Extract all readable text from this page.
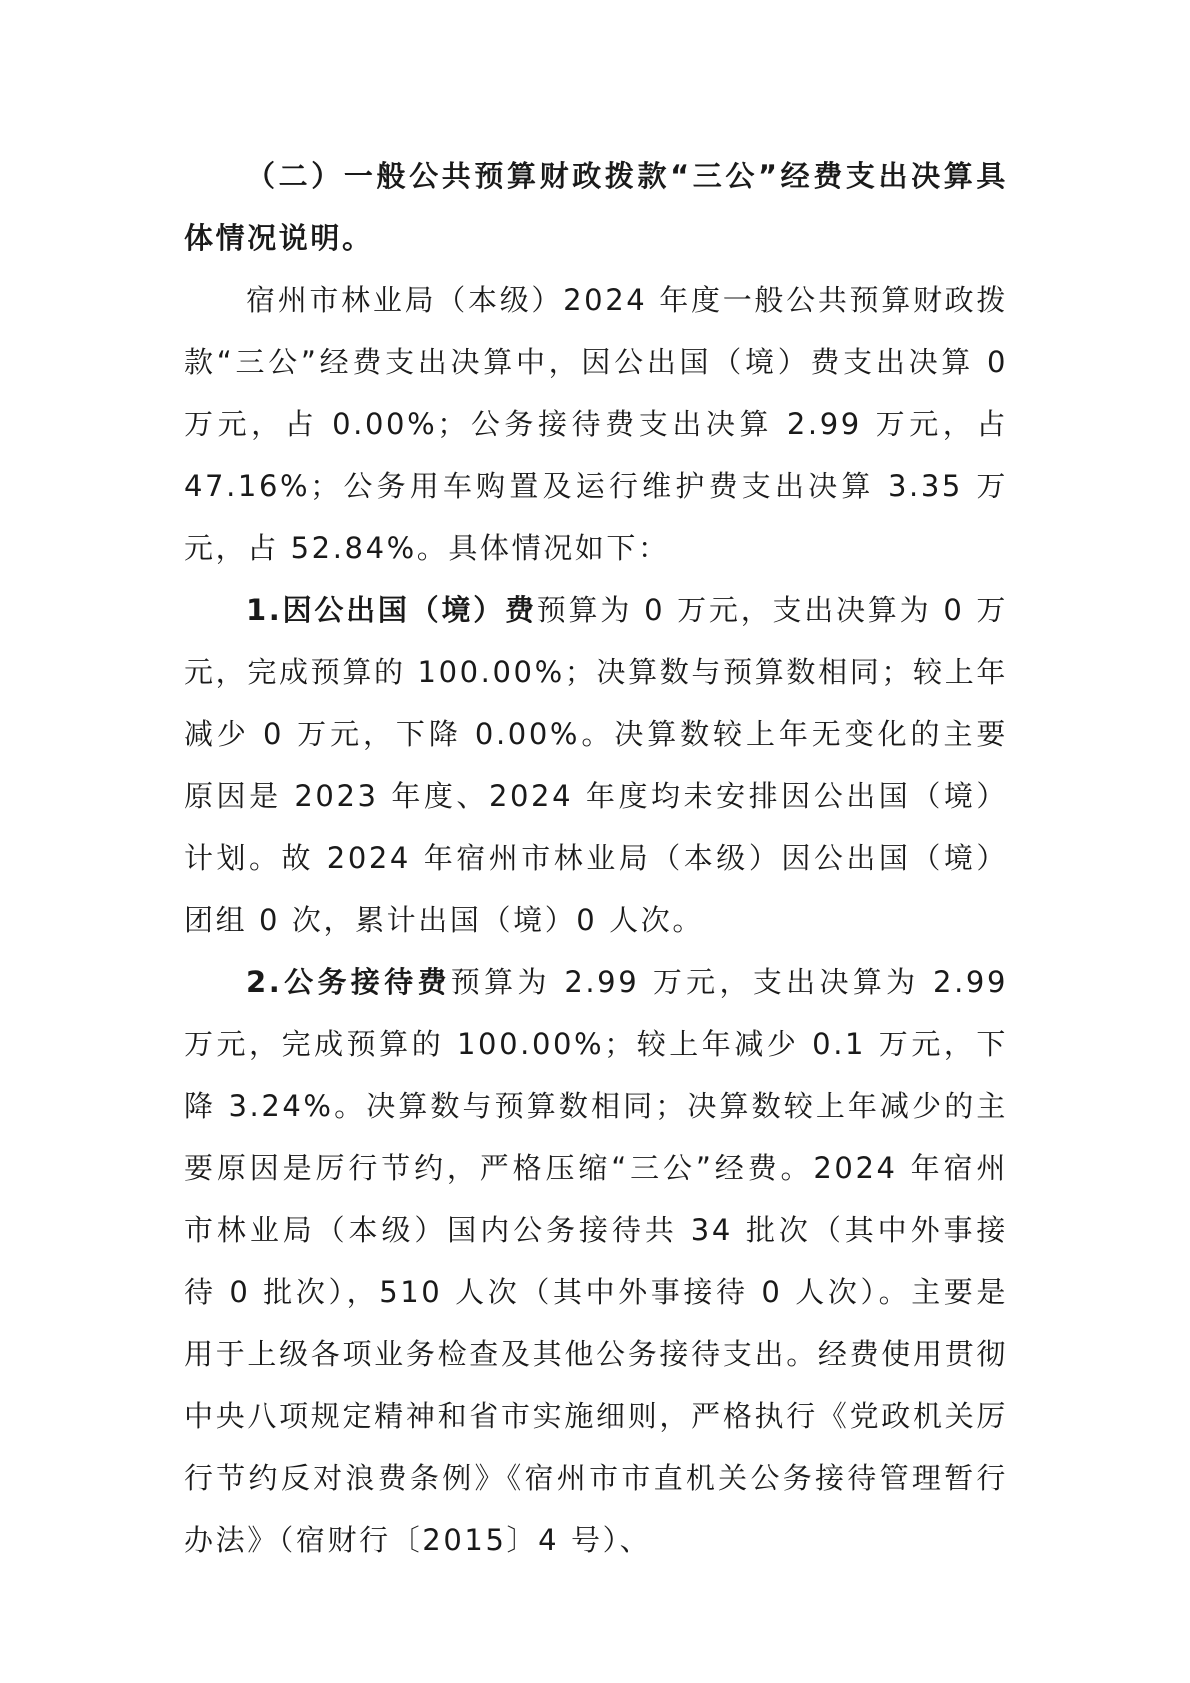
（二）一般公共预算财政拨款“三公”经费支出决算具体情况说明。

宿州市林业局（本级）2024 年度一般公共预算财政拨款“三公”经费支出决算中，因公出国（境）费支出决算 0 万元，占 0.00%；公务接待费支出决算 2.99 万元，占 47.16%；公务用车购置及运行维护费支出决算 3.35 万元，占 52.84%。具体情况如下：

1.因公出国（境）费预算为 0 万元，支出决算为 0 万元，完成预算的 100.00%；决算数与预算数相同；较上年减少 0 万元，下降 0.00%。决算数较上年无变化的主要原因是 2023 年度、2024 年度均未安排因公出国（境）计划。故 2024 年宿州市林业局（本级）因公出国（境）团组 0 次，累计出国（境）0 人次。

2.公务接待费预算为 2.99 万元，支出决算为 2.99 万元，完成预算的 100.00%；较上年减少 0.1 万元，下降 3.24%。决算数与预算数相同；决算数较上年减少的主要原因是厉行节约，严格压缩“三公”经费。2024 年宿州市林业局（本级）国内公务接待共 34 批次（其中外事接待 0 批次），510 人次（其中外事接待 0 人次）。主要是用于上级各项业务检查及其他公务接待支出。经费使用贯彻中央八项规定精神和省市实施细则，严格执行《党政机关厉行节约反对浪费条例》《宿州市市直机关公务接待管理暂行办法》（宿财行〔2015〕4 号）、
